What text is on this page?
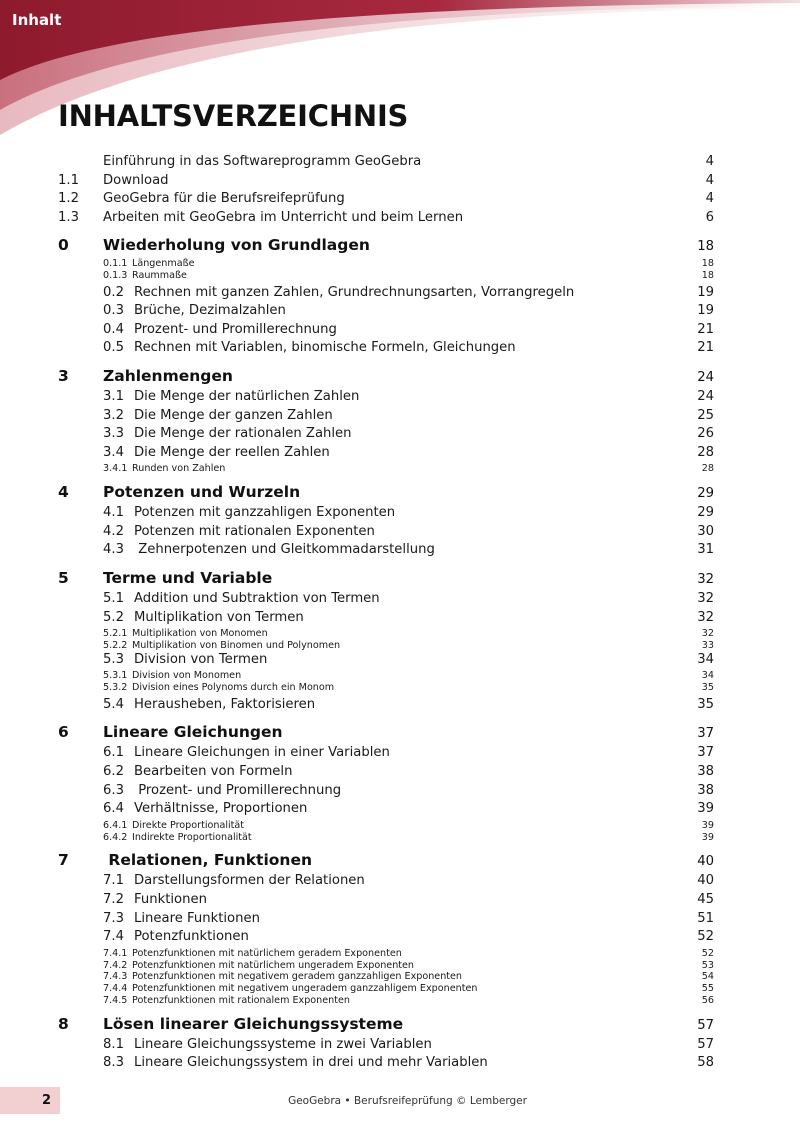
Inhalt
INHALTSVERZEICHNIS
Einführung in das Softwareprogramm GeoGebra	4
1.1	Download	4
1.2	GeoGebra für die Berufsreifeprüfung	4
1.3	Arbeiten mit GeoGebra im Unterricht und beim Lernen	6
0	Wiederholung von Grundlagen	18
0.1.1 Längenmaße	18
0.1.3 Raummaße	18
0.2 Rechnen mit ganzen Zahlen, Grundrechnungsarten, Vorrangregeln	19
0.3 Brüche, Dezimalzahlen	19
0.4 Prozent- und Promillerechnung	21
0.5 Rechnen mit Variablen, binomische Formeln, Gleichungen	21
3	Zahlenmengen	24
3.1 Die Menge der natürlichen Zahlen	24
3.2 Die Menge der ganzen Zahlen	25
3.3 Die Menge der rationalen Zahlen	26
3.4 Die Menge der reellen Zahlen	28
3.4.1 Runden von Zahlen	28
4	Potenzen und Wurzeln	29
4.1 Potenzen mit ganzzahligen Exponenten	29
4.2 Potenzen mit rationalen Exponenten	30
4.3 Zehnerpotenzen und Gleitkommadarstellung	31
5	Terme und Variable	32
5.1 Addition und Subtraktion von Termen	32
5.2 Multiplikation von Termen	32
5.2.1 Multiplikation von Monomen	32
5.2.2 Multiplikation von Binomen und Polynomen	33
5.3 Division von Termen	34
5.3.1 Division von Monomen	34
5.3.2 Division eines Polynoms durch ein Monom	35
5.4 Herausheben, Faktorisieren	35
6	Lineare Gleichungen	37
6.1 Lineare Gleichungen in einer Variablen	37
6.2 Bearbeiten von Formeln	38
6.3 Prozent- und Promillerechnung	38
6.4 Verhältnisse, Proportionen	39
6.4.1 Direkte Proportionalität	39
6.4.2 Indirekte Proportionalität	39
7	Relationen, Funktionen	40
7.1 Darstellungsformen der Relationen	40
7.2 Funktionen	45
7.3 Lineare Funktionen	51
7.4 Potenzfunktionen	52
7.4.1 Potenzfunktionen mit natürlichem geradem Exponenten	52
7.4.2 Potenzfunktionen mit natürlichem ungeradem Exponenten	53
7.4.3 Potenzfunktionen mit negativem geradem ganzzahligen Exponenten	54
7.4.4 Potenzfunktionen mit negativem ungeradem ganzzahligem Exponenten	55
7.4.5 Potenzfunktionen mit rationalem Exponenten	56
8	Lösen linearer Gleichungssysteme	57
8.1 Lineare Gleichungssysteme in zwei Variablen	57
8.3 Lineare Gleichungssystem in drei und mehr Variablen	58
2	GeoGebra • Berufsreifeprüfung © Lemberger
